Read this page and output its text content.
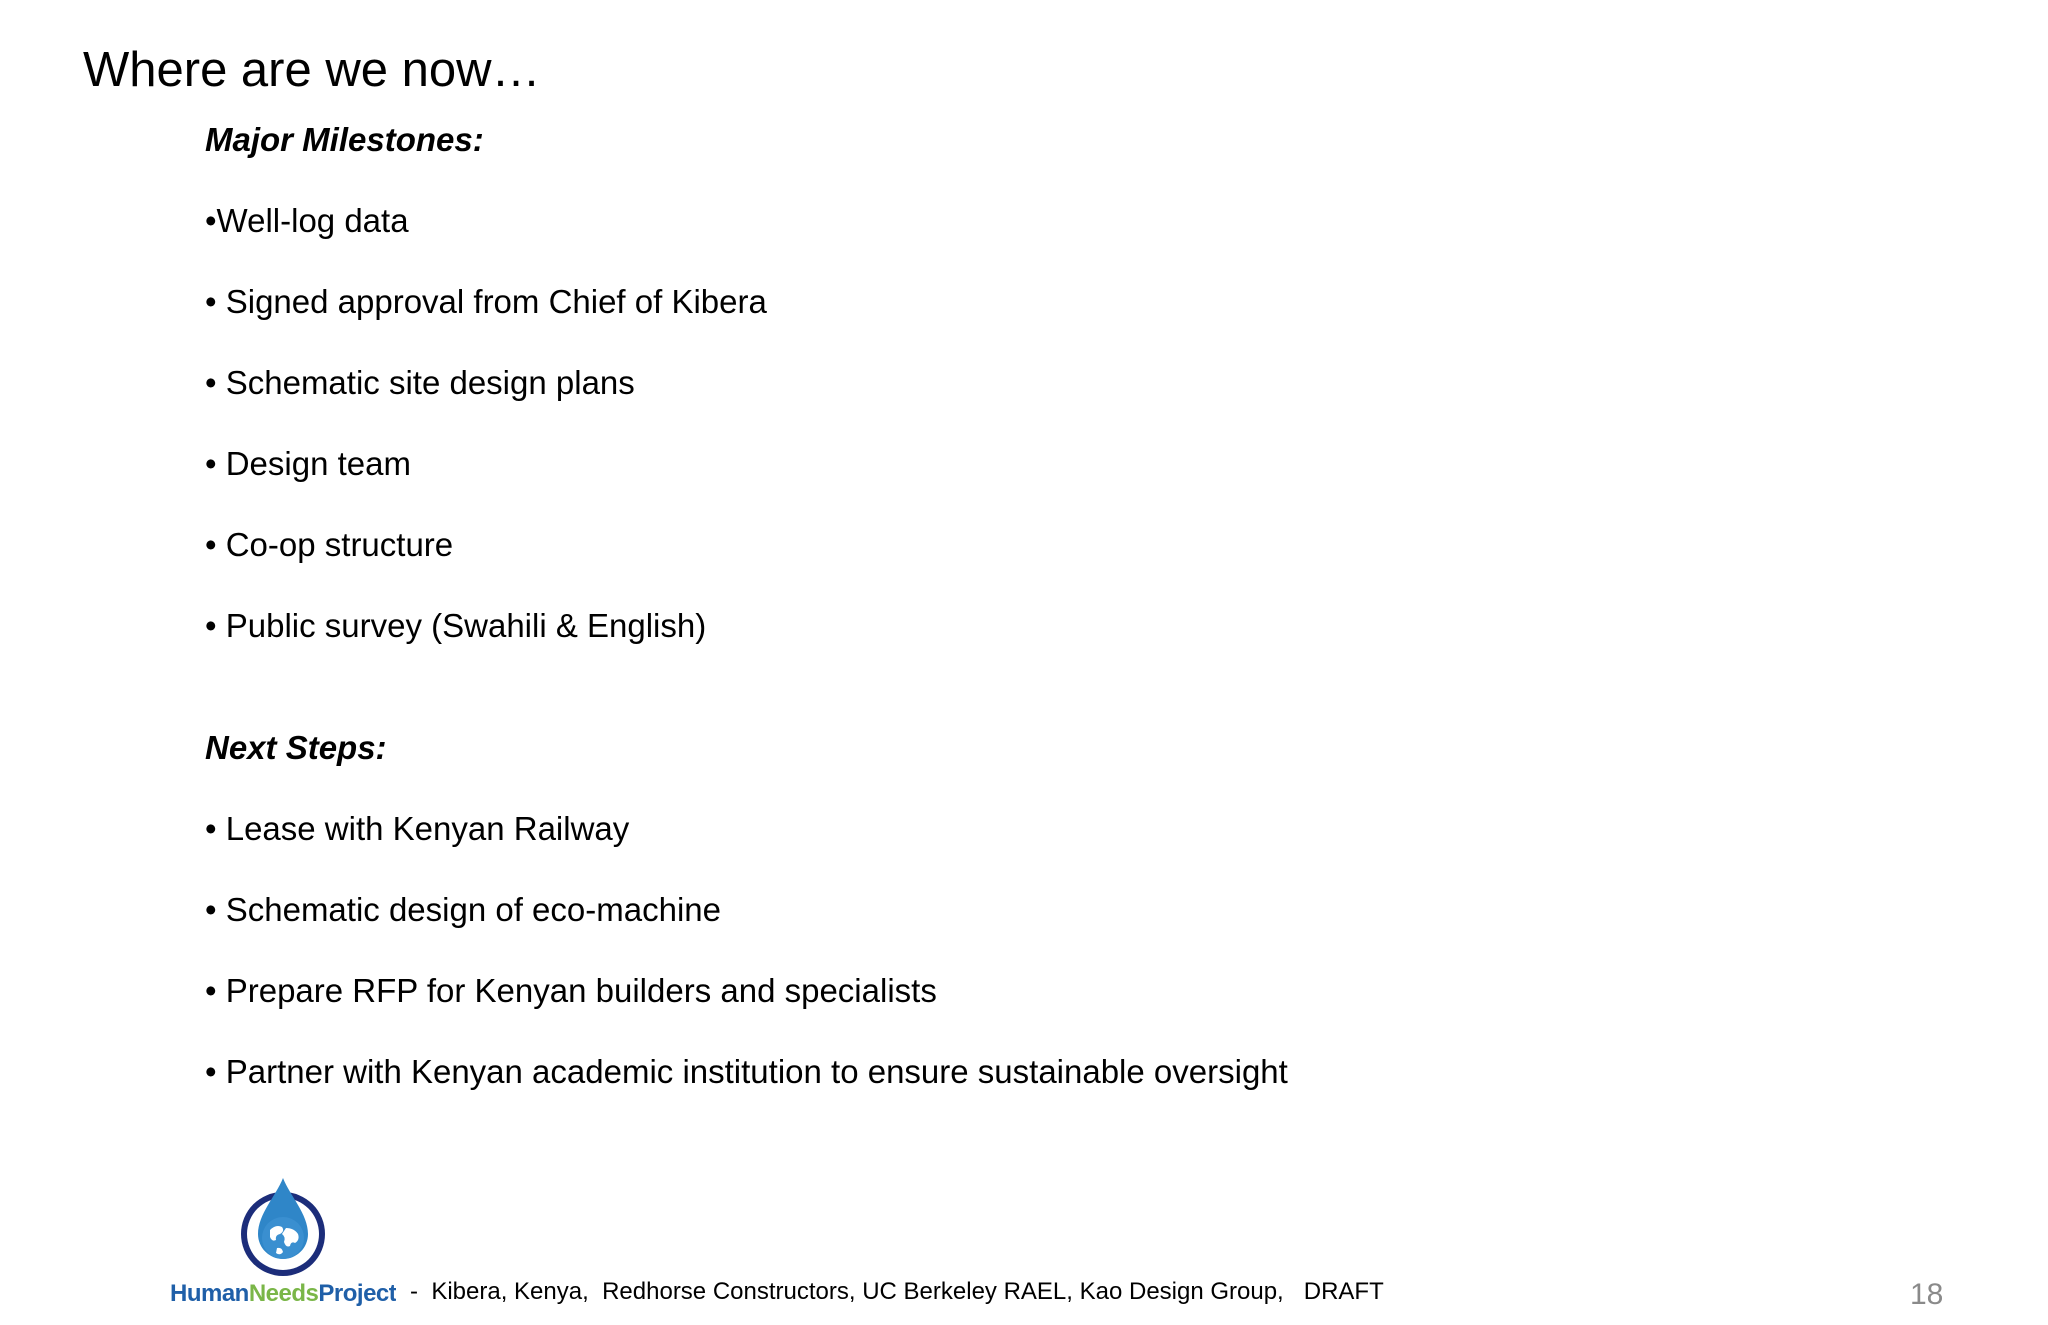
Where are we now…
Major Milestones:
•Well-log data
• Signed approval from Chief of Kibera
• Schematic site design plans
• Design team
• Co-op structure
• Public survey (Swahili & English)
Next Steps:
• Lease with Kenyan Railway
• Schematic design of eco-machine
• Prepare RFP for Kenyan builders and specialists
• Partner with Kenyan academic institution to ensure sustainable oversight
HumanNeedsProject -  Kibera, Kenya,  Redhorse Constructors, UC Berkeley RAEL, Kao Design Group,   DRAFT	18
